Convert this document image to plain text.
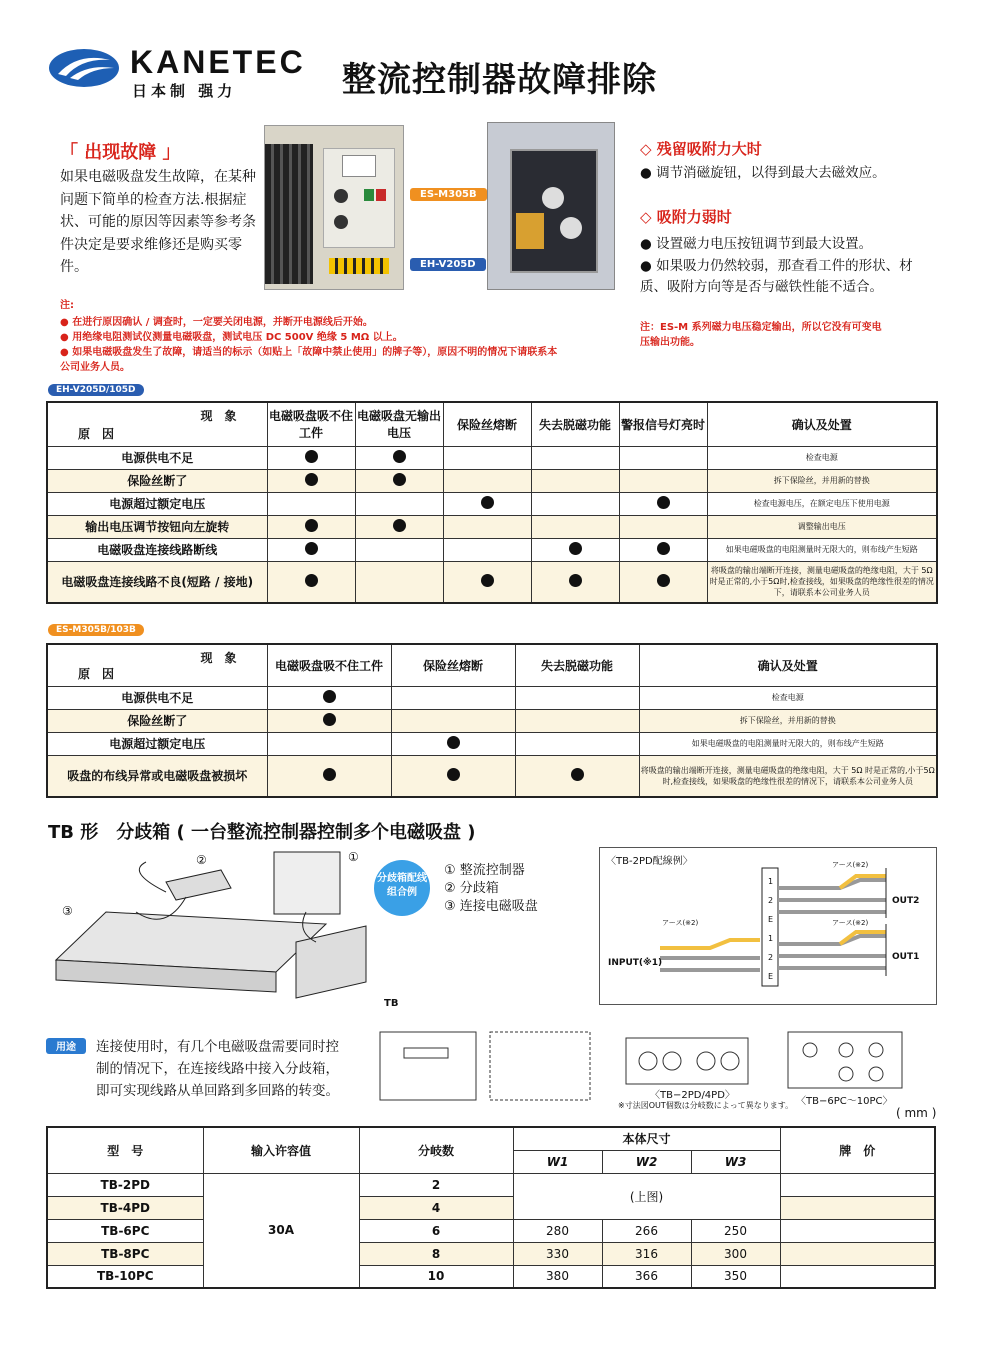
KANETEC
日本制 强力	整流控制器故障排除
「 出现故障 」
如果电磁吸盘发生故障，在某种问题下简单的检查方法.根据症状、可能的原因等因素等参考条件决定是要求维修还是购买零件。
ES-M305B
EH-V205D
◇ 残留吸附力大时
● 调节消磁旋钮，以得到最大去磁效应。
◇ 吸附力弱时
● 设置磁力电压按钮调节到最大设置。
● 如果吸力仍然较弱，那查看工件的形状、材质、吸附方向等是否与磁铁性能不适合。
注：ES-M 系列磁力电压稳定输出，所以它没有可变电压输出功能。
注:
● 在进行原因确认 / 调查时，一定要关闭电源，并断开电源线后开始。
● 用绝缘电阻测试仪测量电磁吸盘，测试电压 DC 500V 绝缘 5 MΩ 以上。
● 如果电磁吸盘发生了故障，请适当的标示（如贴上「故障中禁止使用」的牌子等），原因不明的情况下请联系本公司业务人员。
EH-V205D/105D
现　象
原　因	电磁吸盘吸不住工件	电磁吸盘无输出电压	保险丝熔断	失去脱磁功能	警报信号灯亮时	确认及处置
电源供电不足						检查电源
保险丝断了						拆下保险丝，并用新的替换
电源超过额定电压						检查电源电压，在额定电压下使用电源
输出电压调节按钮向左旋转						调整输出电压
电磁吸盘连接线路断线						如果电磁吸盘的电阻测量时无限大的，则布线产生短路
电磁吸盘连接线路不良(短路 / 接地)						将吸盘的输出端断开连接，测量电磁吸盘的绝缘电阻，大于 5Ω 时是正常的,小于5Ω时,检查接线，如果吸盘的绝缘性很差的情况下，请联系本公司业务人员
ES-M305B/103B
现　象
原　因	电磁吸盘吸不住工件	保险丝熔断	失去脱磁功能	确认及处置
电源供电不足				检查电源
保险丝断了				拆下保险丝，并用新的替换
电源超过额定电压				如果电磁吸盘的电阻测量时无限大的，则布线产生短路
吸盘的布线异常或电磁吸盘被损坏				将吸盘的输出端断开连接，测量电磁吸盘的绝缘电阻，大于 5Ω 时是正常的,小于5Ω时,检查接线，如果吸盘的绝缘性很差的情况下，请联系本公司业务人员
TB 形　分歧箱 ( 一台整流控制器控制多个电磁吸盘 )
②	①
③
TB
分歧箱配线组合例
① 整流控制器
② 分歧箱
③ 连接电磁吸盘
〈TB-2PD配線例〉
1
2
E
1
2
E
INPUT(※1)
OUT2
OUT1
アース(※2)
アース(※2)	アース(※2)
用途	连接使用时，有几个电磁吸盘需要同时控制的情况下，在连接线路中接入分歧箱，即可实现线路从单回路到多回路的转变。	〈TB−2PD/4PD〉
〈TB−6PC〜10PC〉
※寸法図OUT個数は分岐数によって異なります。
( mm )
型　号	输入许容值	分岐数	本体尺寸			牌　价
			W1	W2	W3	
TB-2PD	30A	2	(上图)			
TB-4PD		4				
TB-6PC		6	280	266	250	
TB-8PC		8	330	316	300	
TB-10PC		10	380	366	350	
